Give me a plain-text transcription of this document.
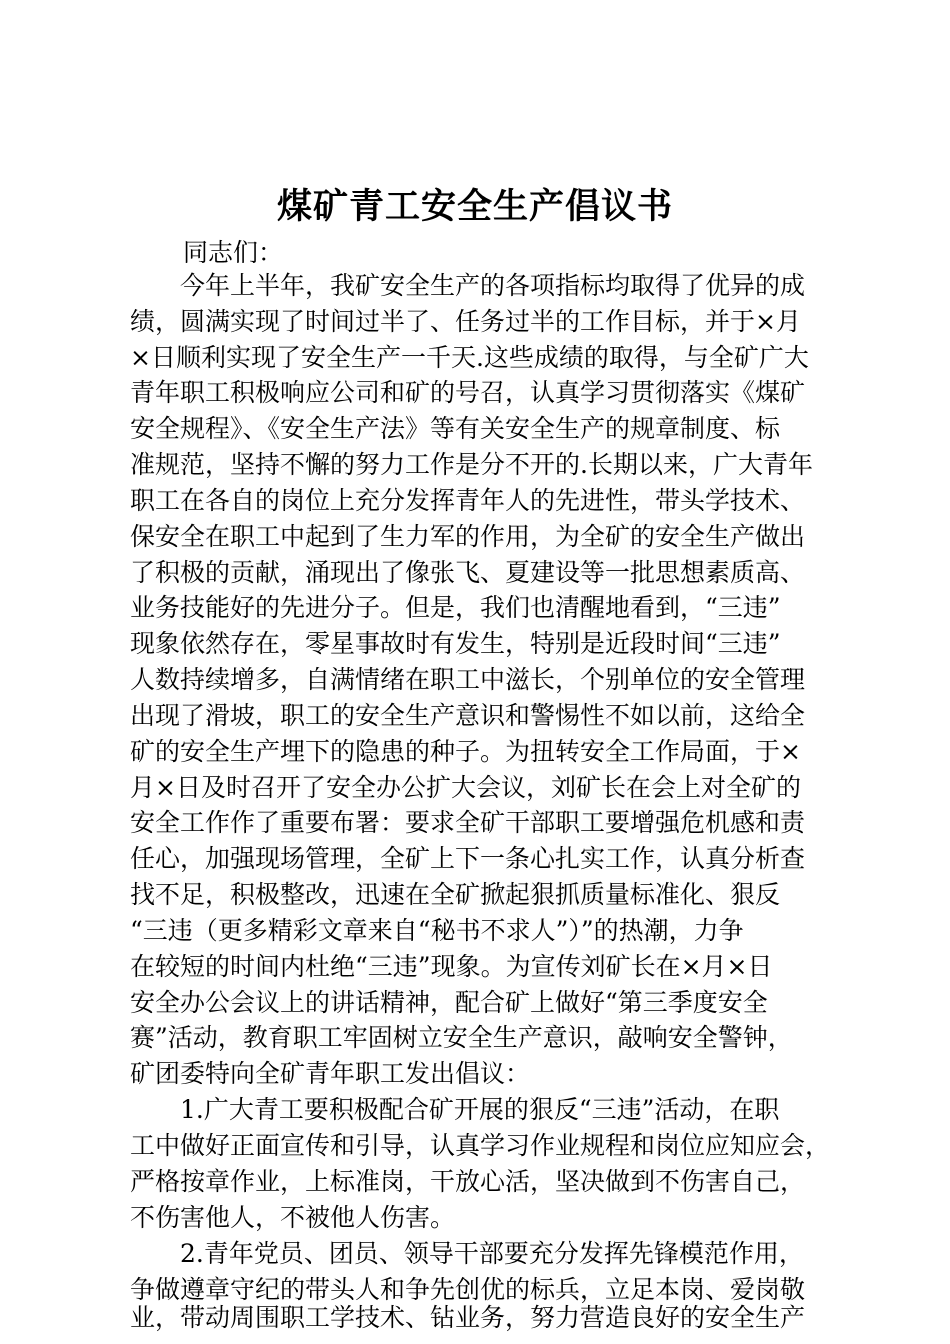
煤矿青工安全生产倡议书
同志们：
　　今年上半年，我矿安全生产的各项指标均取得了优异的成
绩，圆满实现了时间过半了、任务过半的工作目标，并于×月
×日顺利实现了安全生产一千天.这些成绩的取得，与全矿广大
青年职工积极响应公司和矿的号召，认真学习贯彻落实《煤矿
安全规程》、《安全生产法》等有关安全生产的规章制度、标
准规范，坚持不懈的努力工作是分不开的.长期以来，广大青年
职工在各自的岗位上充分发挥青年人的先进性，带头学技术、
保安全在职工中起到了生力军的作用，为全矿的安全生产做出
了积极的贡献，涌现出了像张飞、夏建设等一批思想素质高、
业务技能好的先进分子。但是，我们也清醒地看到，“三违”
现象依然存在，零星事故时有发生，特别是近段时间“三违”
人数持续增多，自满情绪在职工中滋长，个别单位的安全管理
出现了滑坡，职工的安全生产意识和警惕性不如以前，这给全
矿的安全生产埋下的隐患的种子。为扭转安全工作局面，于×
月×日及时召开了安全办公扩大会议，刘矿长在会上对全矿的
安全工作作了重要布署：要求全矿干部职工要增强危机感和责
任心，加强现场管理，全矿上下一条心扎实工作，认真分析查
找不足，积极整改，迅速在全矿掀起狠抓质量标准化、狠反
“三违（更多精彩文章来自“秘书不求人”）”的热潮，力争
在较短的时间内杜绝“三违”现象。为宣传刘矿长在×月×日
安全办公会议上的讲话精神，配合矿上做好“第三季度安全
赛”活动，教育职工牢固树立安全生产意识，敲响安全警钟，
矿团委特向全矿青年职工发出倡议：
　　1.广大青工要积极配合矿开展的狠反“三违”活动，在职
工中做好正面宣传和引导，认真学习作业规程和岗位应知应会，
严格按章作业，上标准岗，干放心活，坚决做到不伤害自己，
不伤害他人，不被他人伤害。
　　2.青年党员、团员、领导干部要充分发挥先锋模范作用，
争做遵章守纪的带头人和争先创优的标兵，立足本岗、爱岗敬
业，带动周围职工学技术、钻业务，努力营造良好的安全生产
